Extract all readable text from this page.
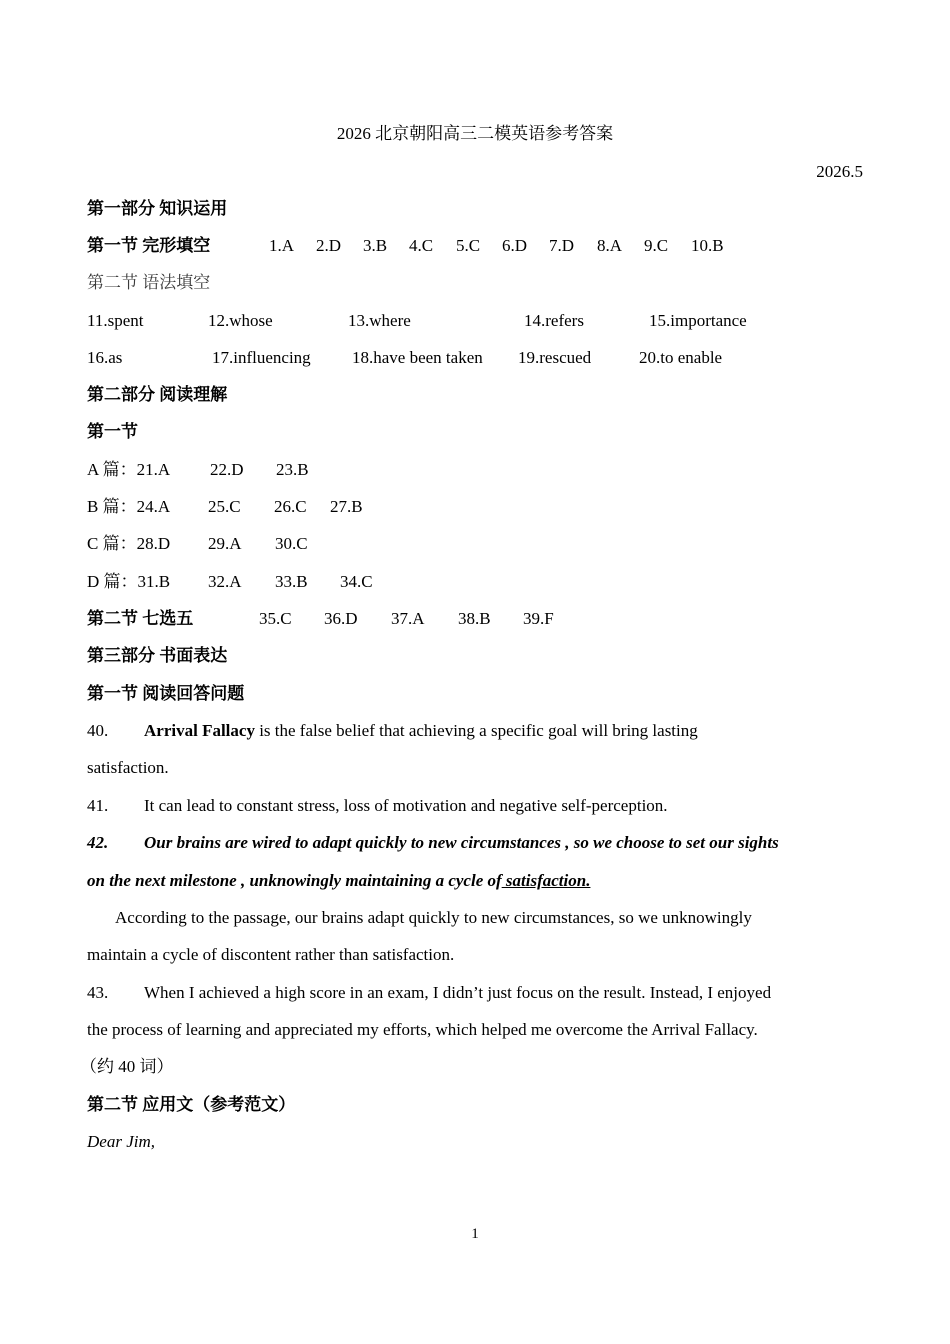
2026 北京朝阳高三二模英语参考答案
2026.5
第一部分 知识运用
第一节 完形填空	1.A 2.D 3.B 4.C 5.C 6.D 7.D 8.A 9.C 10.B
第二节 语法填空
11.spent	12.whose	13.where	14.refers	15.importance
16.as	17.influencing 18.have been taken 19.rescued	20.to enable
第二部分 阅读理解
第一节
A 篇：21.A 22.D 23.B
B 篇：24.A 25.C 26.C 27.B
C 篇：28.D 29.A 30.C
D 篇：31.B 32.A 33.B 34.C
第二节 七选五	35.C 36.D 37.A 38.B 39.F
第三部分 书面表达
第一节 阅读回答问题
40. Arrival Fallacy is the false belief that achieving a specific goal will bring lasting
satisfaction.
41. It can lead to constant stress, loss of motivation and negative self-perception.
42. Our brains are wired to adapt quickly to new circumstances , so we choose to set our sights
on the next milestone , unknowingly maintaining a cycle of satisfaction.
According to the passage, our brains adapt quickly to new circumstances, so we unknowingly
maintain a cycle of discontent rather than satisfaction.
43. When I achieved a high score in an exam, I didn’t just focus on the result. Instead, I enjoyed
the process of learning and appreciated my efforts, which helped me overcome the Arrival Fallacy.
（约 40 词）
第二节 应用文（参考范文）
Dear Jim,
1
